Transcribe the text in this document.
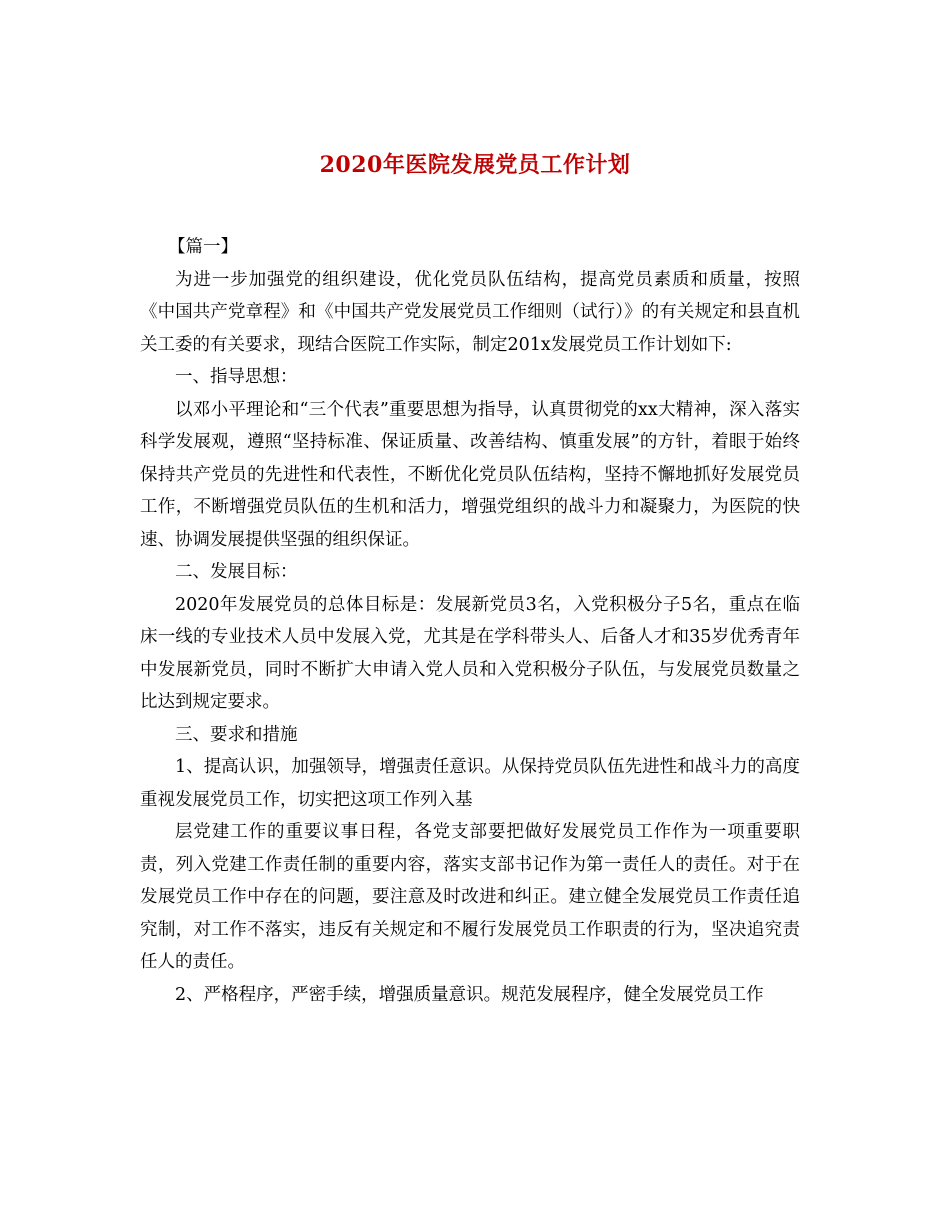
2020年医院发展党员工作计划

【篇一】

为进一步加强党的组织建设，优化党员队伍结构，提高党员素质和质量，按照《中国共产党章程》和《中国共产党发展党员工作细则（试行）》的有关规定和县直机关工委的有关要求，现结合医院工作实际，制定201x发展党员工作计划如下:

一、指导思想：

以邓小平理论和“三个代表”重要思想为指导，认真贯彻党的xx大精神，深入落实科学发展观，遵照“坚持标准、保证质量、改善结构、慎重发展”的方针，着眼于始终保持共产党员的先进性和代表性，不断优化党员队伍结构，坚持不懈地抓好发展党员工作，不断增强党员队伍的生机和活力，增强党组织的战斗力和凝聚力，为医院的快速、协调发展提供坚强的组织保证。

二、发展目标：

2020年发展党员的总体目标是：发展新党员3名，入党积极分子5名，重点在临床一线的专业技术人员中发展入党，尤其是在学科带头人、后备人才和35岁优秀青年中发展新党员，同时不断扩大申请入党人员和入党积极分子队伍，与发展党员数量之比达到规定要求。

三、要求和措施

1、提高认识，加强领导，增强责任意识。从保持党员队伍先进性和战斗力的高度重视发展党员工作，切实把这项工作列入基

层党建工作的重要议事日程，各党支部要把做好发展党员工作作为一项重要职责，列入党建工作责任制的重要内容，落实支部书记作为第一责任人的责任。对于在发展党员工作中存在的问题，要注意及时改进和纠正。建立健全发展党员工作责任追究制，对工作不落实，违反有关规定和不履行发展党员工作职责的行为，坚决追究责任人的责任。

2、严格程序，严密手续，增强质量意识。规范发展程序，健全发展党员工作
